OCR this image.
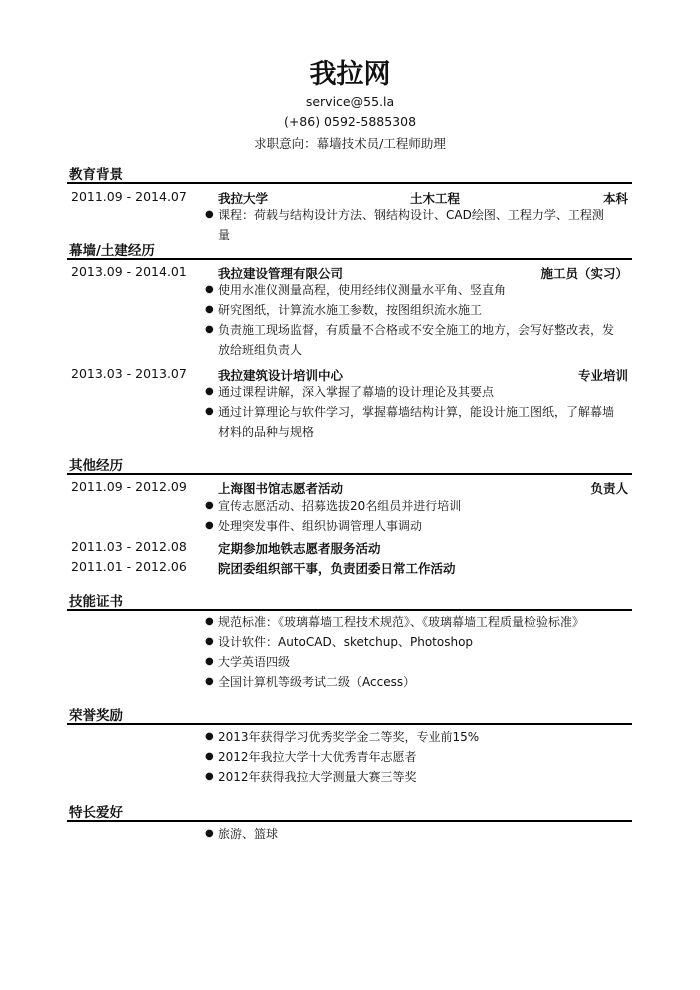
我拉网
service@55.la
(+86) 0592-5885308
求职意向：幕墙技术员/工程师助理
教育背景
2011.09 - 2014.07 我拉大学	土木工程	本科
● 课程：荷载与结构设计方法、钢结构设计、CAD绘图、工程力学、工程测量
幕墙/土建经历
2013.09 - 2014.01 我拉建设管理有限公司	施工员（实习）
● 使用水准仪测量高程，使用经纬仪测量水平角、竖直角
● 研究图纸，计算流水施工参数，按图组织流水施工
● 负责施工现场监督，有质量不合格或不安全施工的地方，会写好整改表，发放给班组负责人
2013.03 - 2013.07 我拉建筑设计培训中心	专业培训
● 通过课程讲解，深入掌握了幕墙的设计理论及其要点
● 通过计算理论与软件学习，掌握幕墙结构计算，能设计施工图纸，了解幕墙材料的品种与规格
其他经历
2011.09 - 2012.09 上海图书馆志愿者活动	负责人
● 宣传志愿活动、招募选拔20名组员并进行培训
● 处理突发事件、组织协调管理人事调动
2011.03 - 2012.08 定期参加地铁志愿者服务活动
2011.01 - 2012.06 院团委组织部干事，负责团委日常工作活动
技能证书
● 规范标准：《玻璃幕墙工程技术规范》、《玻璃幕墙工程质量检验标准》
● 设计软件：AutoCAD、sketchup、Photoshop
● 大学英语四级
● 全国计算机等级考试二级（Access）
荣誉奖励
● 2013年获得学习优秀奖学金二等奖，专业前15%
● 2012年我拉大学十大优秀青年志愿者
● 2012年获得我拉大学测量大赛三等奖
特长爱好
● 旅游、篮球
